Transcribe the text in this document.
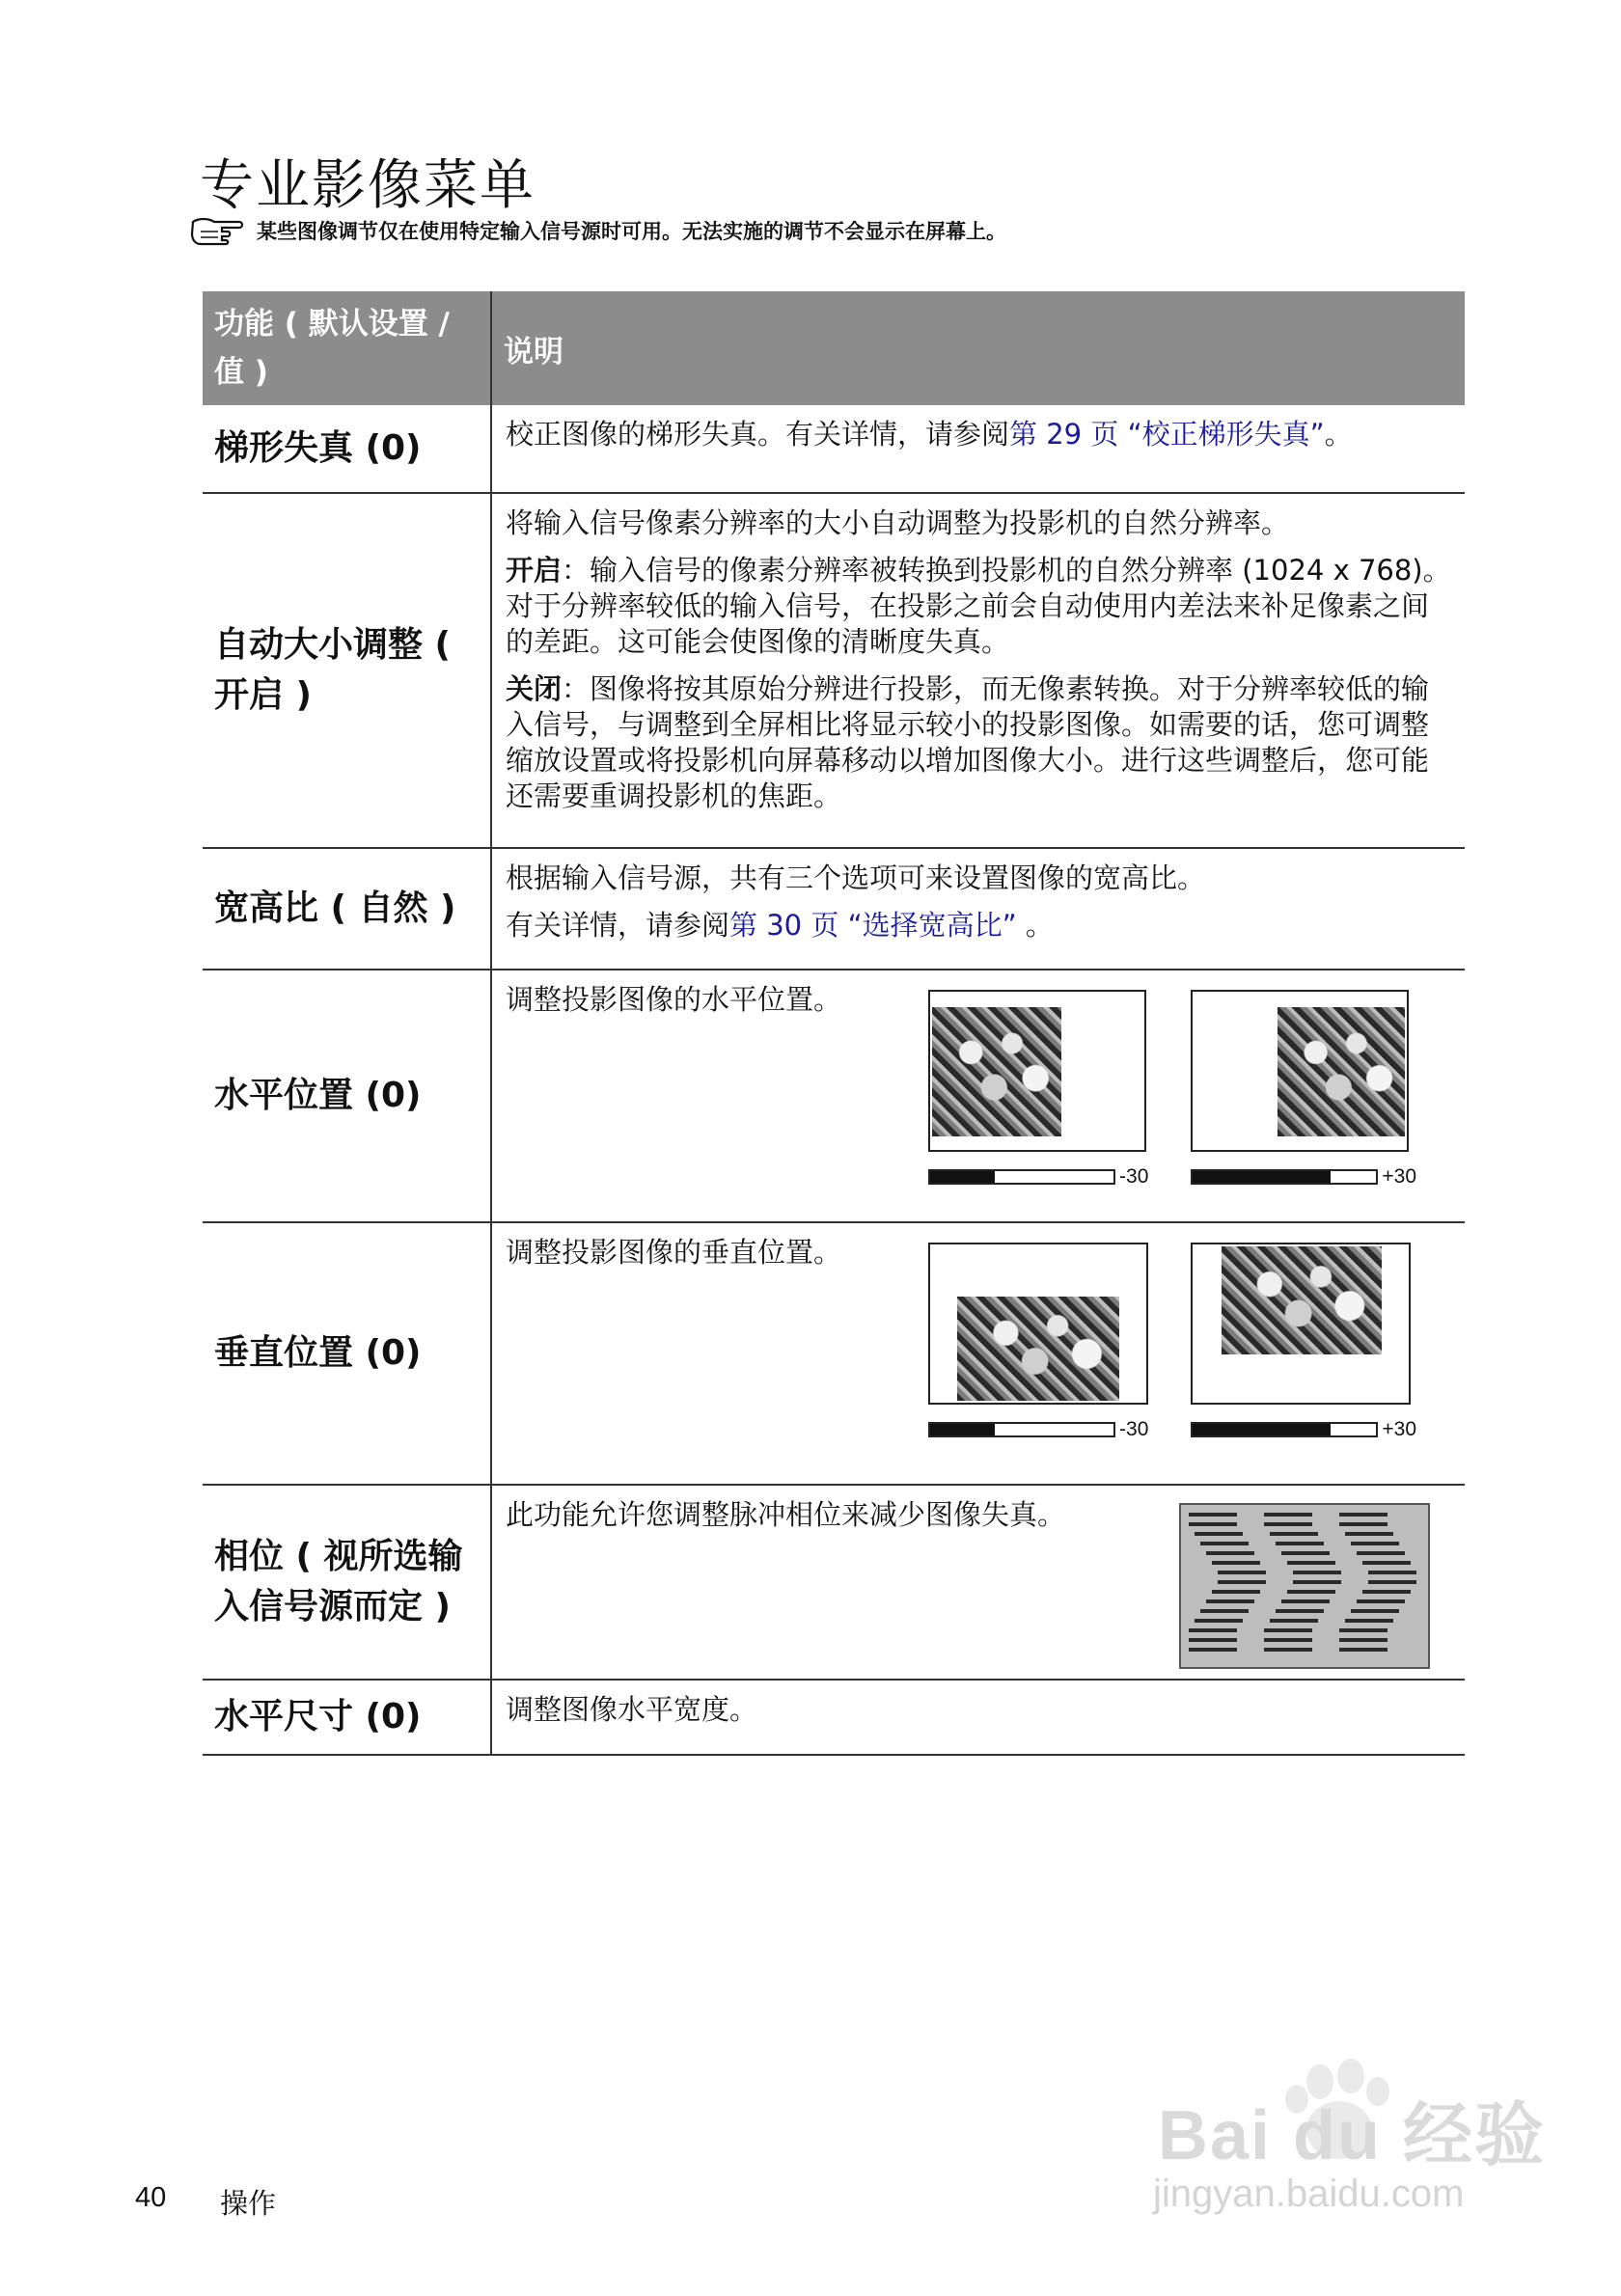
专业影像菜单
某些图像调节仅在使用特定输入信号源时可用。无法实施的调节不会显示在屏幕上。
功能 ( 默认设置 / 值 )	说明

梯形失真 (0)	校正图像的梯形失真。有关详情，请参阅第 29 页 “校正梯形失真”。

自动大小调整 ( 开启 )	将输入信号像素分辨率的大小自动调整为投影机的自然分辨率。

开启：输入信号的像素分辨率被转换到投影机的自然分辨率 (1024 x 768)。对于分辨率较低的输入信号，在投影之前会自动使用内差法来补足像素之间的差距。这可能会使图像的清晰度失真。

关闭：图像将按其原始分辨进行投影，而无像素转换。对于分辨率较低的输入信号，与调整到全屏相比将显示较小的投影图像。如需要的话，您可调整缩放设置或将投影机向屏幕移动以增加图像大小。进行这些调整后，您可能还需要重调投影机的焦距。

宽高比 ( 自然 )	根据输入信号源，共有三个选项可来设置图像的宽高比。

有关详情，请参阅第 30 页 “选择宽高比” 。

水平位置 (0)	调整投影图像的水平位置。

-30 +30

垂直位置 (0)	调整投影图像的垂直位置。

-30 +30

相位 ( 视所选输入信号源而定 )	此功能允许您调整脉冲相位来减少图像失真。

水平尺寸 (0)	调整图像水平宽度。

Bai du 经验
jingyan.baidu.com
40 操作
